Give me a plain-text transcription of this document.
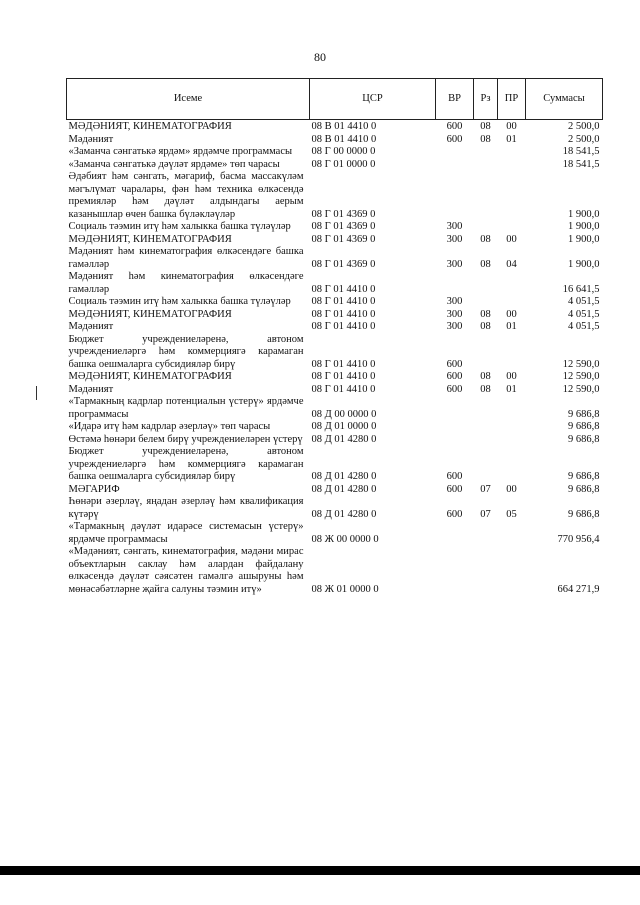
80
Исеме	ЦСР	ВР	Рз	ПР	Суммасы
МӘДӘНИЯТ, КИНЕМАТОГРАФИЯ	08 В 01 4410 0	600	08	00	2 500,0
Мәдәният	08 В 01 4410 0	600	08	01	2 500,0
«Заманча сәнгатькә ярдәм» ярдәмче программасы	08 Г 00 0000 0				18 541,5
«Заманча сәнгатькә дәүләт ярдәме» төп чарасы	08 Г 01 0000 0				18 541,5
Әдәбият һәм сәнгать, мәгариф, басма массакүләм мәгълүмат чаралары, фән һәм техника өлкәсендә премияләр һәм дәүләт алдындагы аерым казанышлар өчен башка бүләкләүләр	08 Г 01 4369 0				1 900,0
Социаль тәэмин итү һәм халыкка башка түләүләр	08 Г 01 4369 0	300			1 900,0
МӘДӘНИЯТ, КИНЕМАТОГРАФИЯ	08 Г 01 4369 0	300	08	00	1 900,0
Мәдәният һәм кинематография өлкәсендәге башка гамәлләр	08 Г 01 4369 0	300	08	04	1 900,0
Мәдәният һәм кинематография өлкәсендәге гамәлләр	08 Г 01 4410 0				16 641,5
Социаль тәэмин итү һәм халыкка башка түләүләр	08 Г 01 4410 0	300			4 051,5
МӘДӘНИЯТ, КИНЕМАТОГРАФИЯ	08 Г 01 4410 0	300	08	00	4 051,5
Мәдәният	08 Г 01 4410 0	300	08	01	4 051,5
Бюджет учреждениеләренә, автоном учреждениеләргә һәм коммерциягә карамаган башка оешмаларга субсидияләр бирү	08 Г 01 4410 0	600			12 590,0
МӘДӘНИЯТ, КИНЕМАТОГРАФИЯ	08 Г 01 4410 0	600	08	00	12 590,0
Мәдәният	08 Г 01 4410 0	600	08	01	12 590,0
«Тармакның кадрлар потенциалын үстерү» ярдәмче программасы	08 Д 00 0000 0				9 686,8
«Идарә итү һәм кадрлар әзерләү» төп чарасы	08 Д 01 0000 0				9 686,8
Өстәмә һөнәри белем бирү учреждениеләрен үстерү	08 Д 01 4280 0				9 686,8
Бюджет учреждениеләренә, автоном учреждениеләргә һәм коммерциягә карамаган башка оешмаларга субсидияләр бирү	08 Д 01 4280 0	600			9 686,8
МӘГАРИФ	08 Д 01 4280 0	600	07	00	9 686,8
Һөнәри әзерләү, яңадан әзерләү һәм квалификация күтәрү	08 Д 01 4280 0	600	07	05	9 686,8
«Тармакның дәүләт идарәсе системасын үстерү» ярдәмче программасы	08 Ж 00 0000 0				770 956,4
«Мәдәният, сәнгать, кинематография, мәдәни мирас объектларын саклау һәм алардан файдалану өлкәсендә дәүләт сәясәтен гамәлгә ашыруны һәм мөнәсәбәтләрне җайга салуны тәэмин итү»	08 Ж 01 0000 0				664 271,9
